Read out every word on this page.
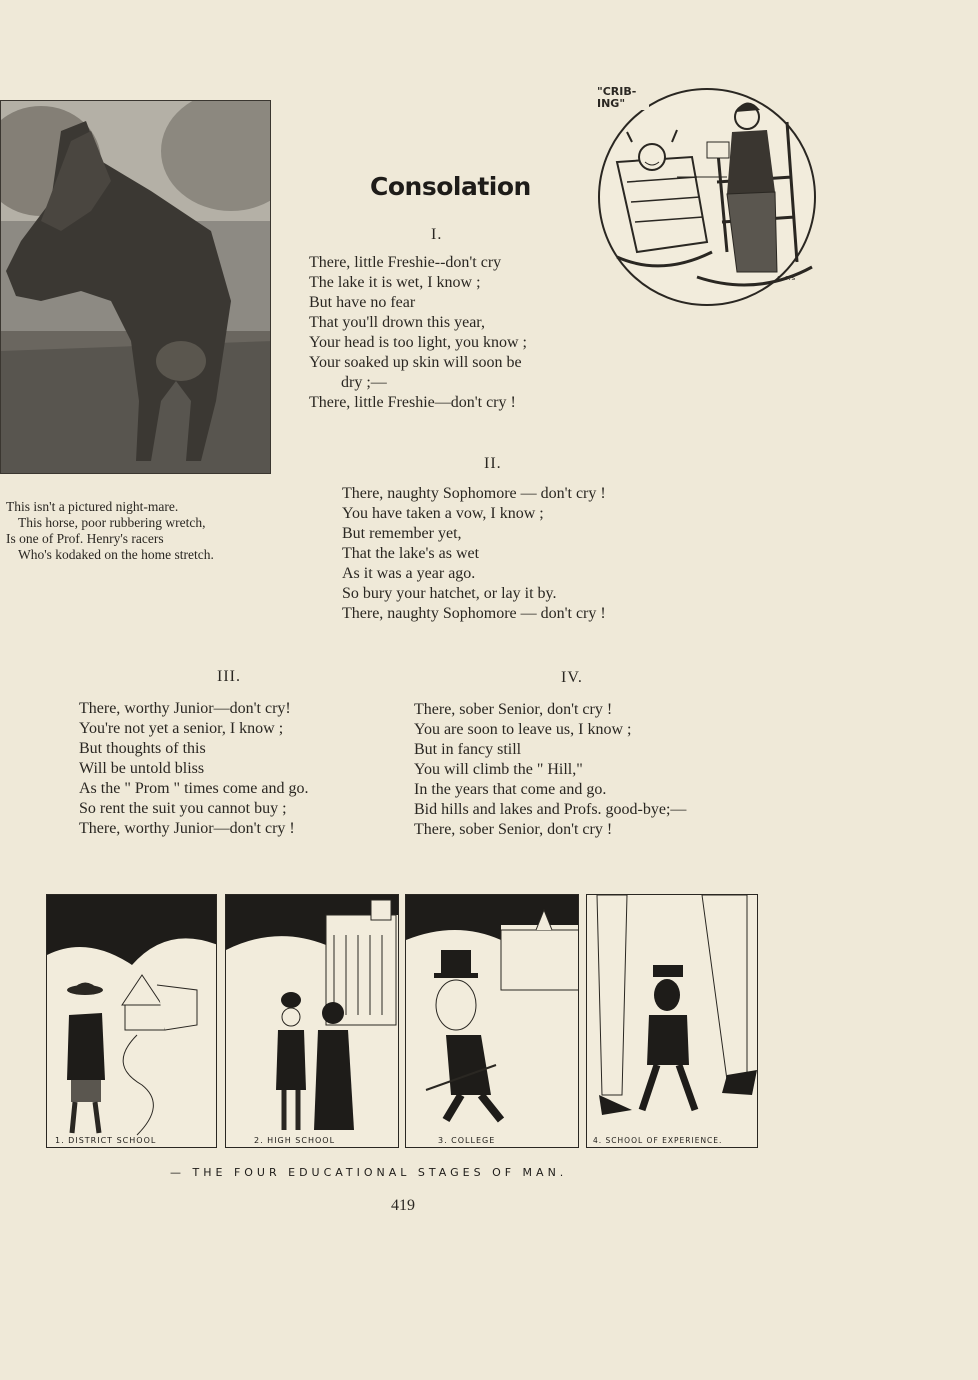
This isn't a pictured night-mare.
This horse, poor rubbering wretch,
Is one of Prof. Henry's racers
Who's kodaked on the home stretch.
"CRIB-ING"
c.r.s
Consolation
I.
There, little Freshie--don't cry
The lake it is wet, I know ;
But have no fear
That you'll drown this year,
Your head is too light, you know ;
Your soaked up skin will soon be
dry ;—
There, little Freshie—don't cry !
II.
There, naughty Sophomore — don't cry !
You have taken a vow, I know ;
But remember yet,
That the lake's as wet
As it was a year ago.
So bury your hatchet, or lay it by.
There, naughty Sophomore — don't cry !
III.
There, worthy Junior—don't cry!
You're not yet a senior, I know ;
But thoughts of this
Will be untold bliss
As the " Prom " times come and go.
So rent the suit you cannot buy ;
There, worthy Junior—don't cry !
IV.
There, sober Senior, don't cry !
You are soon to leave us, I know ;
But in fancy still
You will climb the " Hill,"
In the years that come and go.
Bid hills and lakes and Profs. good-bye;—
There, sober Senior, don't cry !
1. DISTRICT SCHOOL	2. HIGH SCHOOL	3. COLLEGE	4. SCHOOL OF EXPERIENCE.
— THE FOUR EDUCATIONAL STAGES OF MAN.
419
